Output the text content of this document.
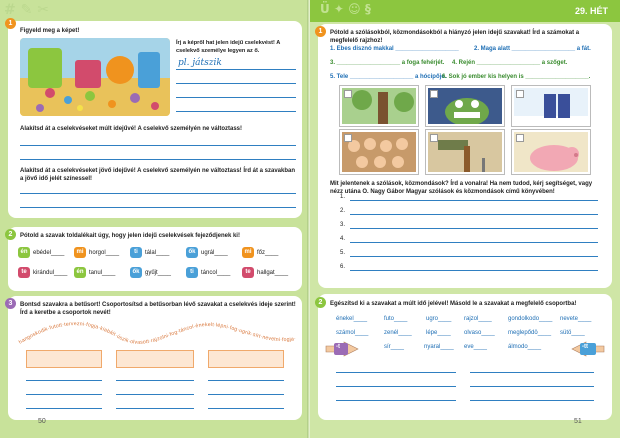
# ✎ ✂
1
Figyeld meg a képet!
Írj a képről hat jelen idejű cselekvést! A cselekvő személye legyen az ő.
pl. játszik
Alakítsd át a cselekvéseket múlt idejűvé! A cselekvő személyén ne változtass!
Alakítsd át a cselekvéseket jövő idejűvé! A cselekvő személyén ne változtass! Írd át a szavakban a jövő idő jelét színessel!
2	Pótold a szavak toldalékait úgy, hogy jelen idejű cselekvések fejeződjenek ki!
én ebédel____	mi horgol____	ti	tálal____	ők ugrál____	mi főz____
te	kirándul____	én tanul____	ők gyűjt____	ti	táncol____	te	hallgat____
3	Bontsd szavakra a betűsort! Csoportosítsd a betűsorban lévő szavakat a cselekvés ideje szerint! Írd a keretbe a csoportok nevét!
hangoskodik·futott·tervezni·fogja·kiabált·úszik·olvasott·rajzolni·fog·táncol·énekelt·lépni·fog·ugrik·sírt·nevetni·fogja·
50
Ü ✦ ☺ §	29. HÉT
1	Pótold a szólásokból, közmondásokból a hiányzó jelen idejű szavakat! Írd a számokat a megfelelő rajzhoz!
1. Ebes disznó makkal ___________________	2. Maga alatt ___________________ a fát.
3. ___________________ a foga fehérjét. 4. Rején ___________________ a szőget.
5. Tele ___________________ a hócipője.
6. Sok jó ember kis helyen is ___________________.
Mit jelentenek a szólások, közmondások? Írd a vonalra! Ha nem tudod, kérj segítséget, vagy nézz utána O. Nagy Gábor Magyar szólások és közmondások című könyvében!
1.
2.
3.
4.
5.
6.
2	Egészítsd ki a szavakat a múlt idő jelével! Másold le a szavakat a megfelelő csoportba!
énekel____	futo____	ugro____ rajzol____	gondolkodo____ nevete____
számol____	zenél____ lépe____ olvaso____ meglepődö____ sütö____
sír____	nyaral____ eve____	álmodo____
-t	-tt
51
